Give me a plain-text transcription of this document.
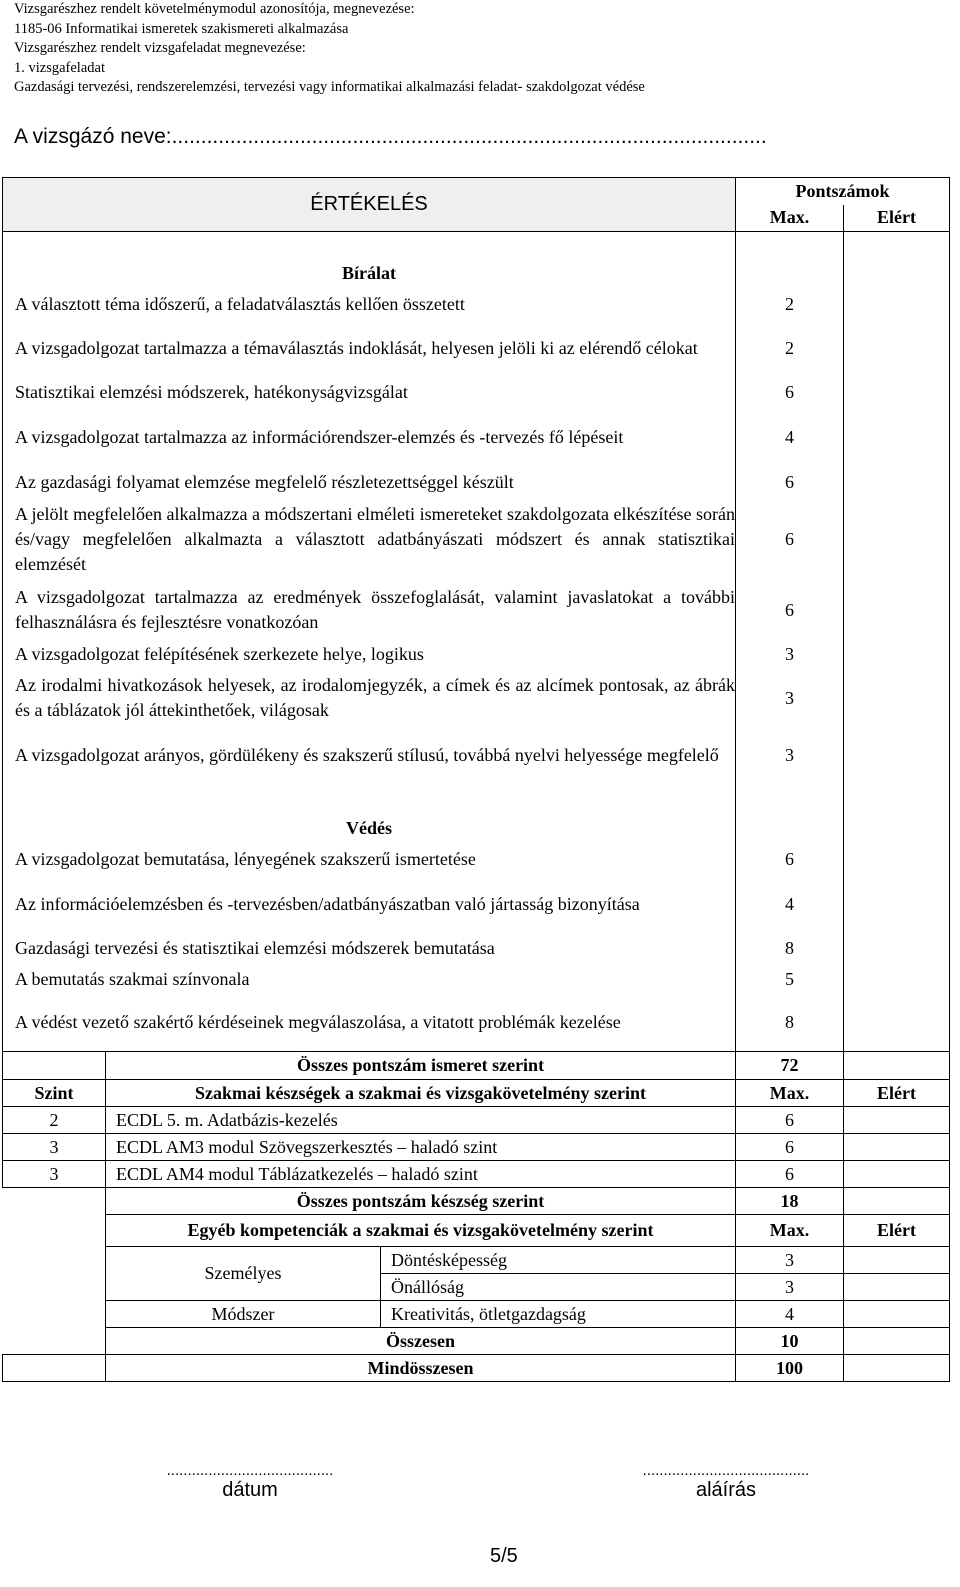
Vizsgarészhez rendelt követelménymodul azonosítója, megnevezése:
1185-06 Informatikai ismeretek szakismereti alkalmazása
Vizsgarészhez rendelt vizsgafeladat megnevezése:
1. vizsgafeladat
Gazdasági tervezési, rendszerelemzési, tervezési vagy informatikai alkalmazási feladat- szakdolgozat védése
A vizsgázó neve:......................................................................................................
ÉRTÉKELÉS			Pontszámok	
			Max.	Elért

Bírálat				
A választott téma időszerű, a feladatválasztás kellően összetett			2	
A vizsgadolgozat tartalmazza a témaválasztás indoklását, helyesen jelöli ki az elérendő célokat			2	
Statisztikai elemzési módszerek, hatékonyságvizsgálat			6	
A vizsgadolgozat tartalmazza az információrendszer-elemzés és -tervezés fő lépéseit			4	
Az gazdasági folyamat elemzése megfelelő részletezettséggel készült			6	
A jelölt megfelelően alkalmazza a módszertani elméleti ismereteket szakdolgozata elkészítése során és/vagy megfelelően alkalmazta a választott adatbányászati módszert és annak statisztikai elemzését			6	
A vizsgadolgozat tartalmazza az eredmények összefoglalását, valamint javaslatokat a további felhasználásra és fejlesztésre vonatkozóan			6	
A vizsgadolgozat felépítésének szerkezete helye, logikus			3	
Az irodalmi hivatkozások helyesek, az irodalomjegyzék, a címek és az alcímek pontosak, az ábrák és a táblázatok jól áttekinthetőek, világosak			3	
A vizsgadolgozat arányos, gördülékeny és szakszerű stílusú, továbbá nyelvi helyessége megfelelő			3	

Védés				
A vizsgadolgozat bemutatása, lényegének szakszerű ismertetése			6	
Az információelemzésben és -tervezésben/adatbányászatban való jártasság bizonyítása			4	
Gazdasági tervezési és statisztikai elemzési módszerek bemutatása			8	
A bemutatás szakmai színvonala			5	
A védést vezető szakértő kérdéseinek megválaszolása, a vitatott problémák kezelése			8	
	Összes pontszám ismeret szerint		72	
Szint	Szakmai készségek a szakmai és vizsgakövetelmény szerint		Max.	Elért
2	ECDL 5. m. Adatbázis-kezelés		6	
3	ECDL AM3 modul Szövegszerkesztés – haladó szint		6	
3	ECDL AM4 modul Táblázatkezelés – haladó szint		6	
	Összes pontszám készség szerint		18	
	Egyéb kompetenciák a szakmai és vizsgakövetelmény szerint		Max.	Elért
	Személyes	Döntésképesség	3	
		Önállóság	3	
	Módszer	Kreativitás, ötletgazdagság	4	
	Összesen		10	
	Mindösszesen		100	
........................................
dátum
........................................
aláírás
5/5
